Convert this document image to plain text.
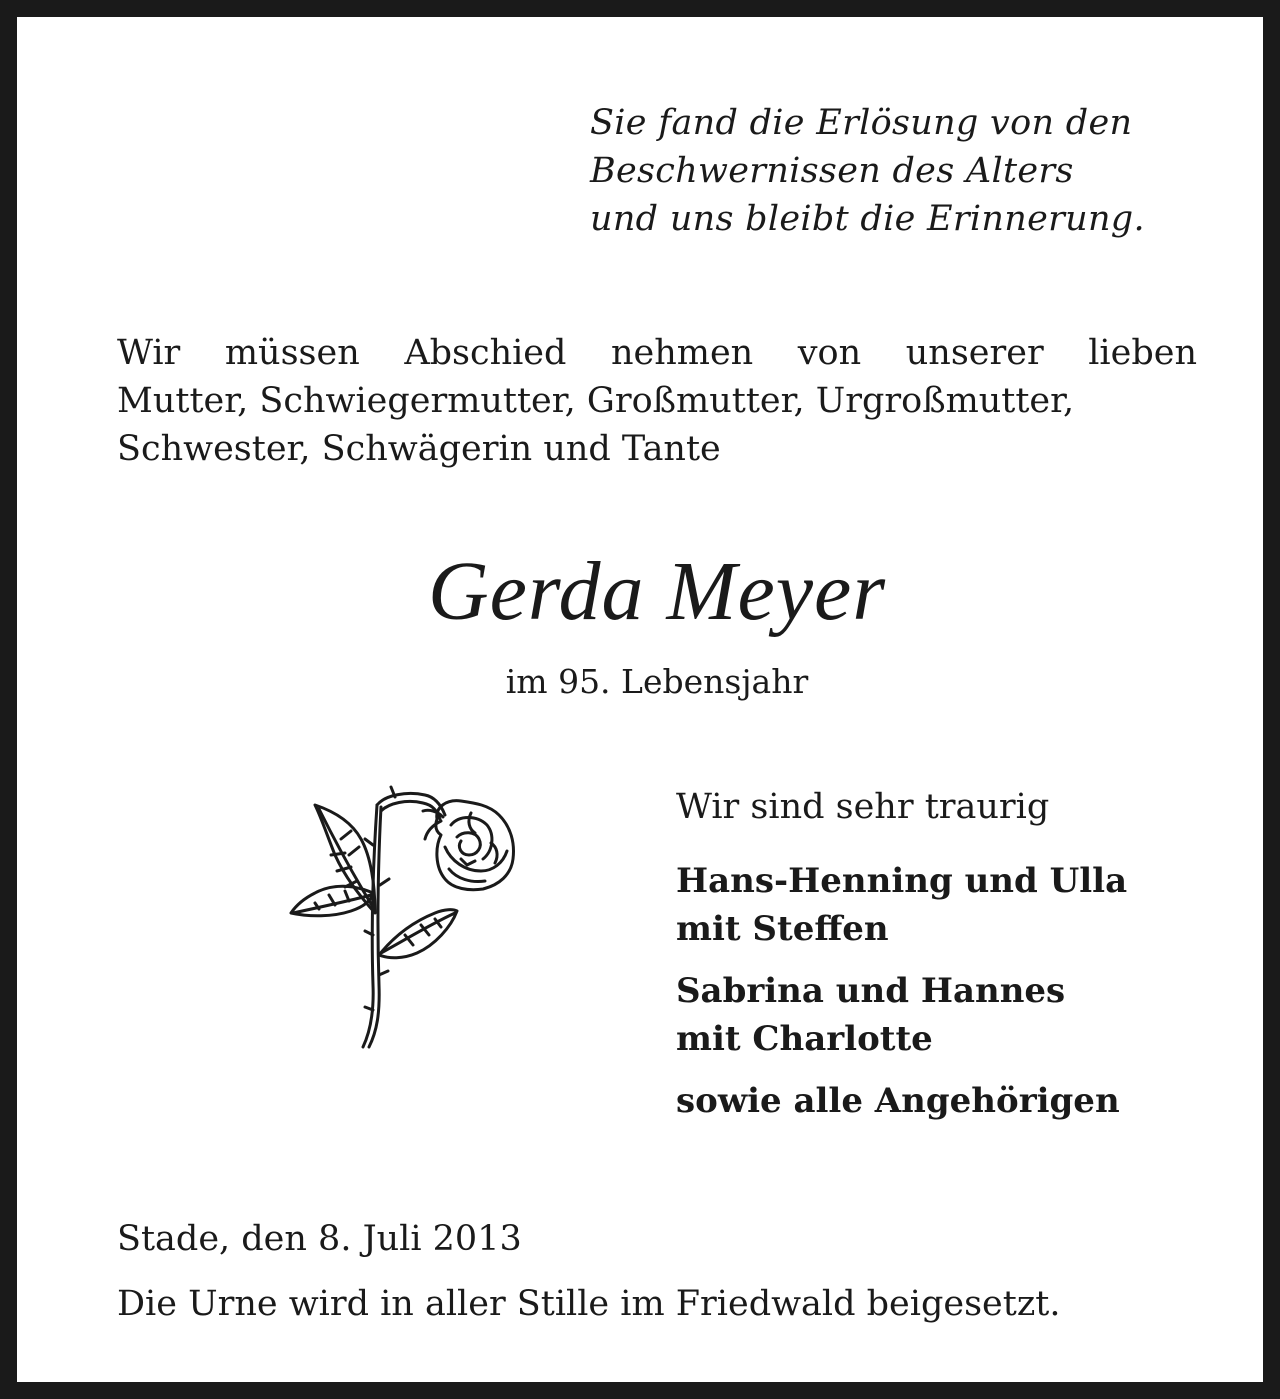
Sie fand die Erlösung von den
Beschwernissen des Alters
und uns bleibt die Erinnerung.
Wir müssen Abschied nehmen von unserer lieben
Mutter, Schwiegermutter, Großmutter, Urgroßmutter,
Schwester, Schwägerin und Tante
Gerda Meyer
im 95. Lebensjahr
Wir sind sehr traurig
Hans-Henning und Ulla
mit Steffen
Sabrina und Hannes
mit Charlotte
sowie alle Angehörigen
Stade, den 8. Juli 2013
Die Urne wird in aller Stille im Friedwald beigesetzt.
